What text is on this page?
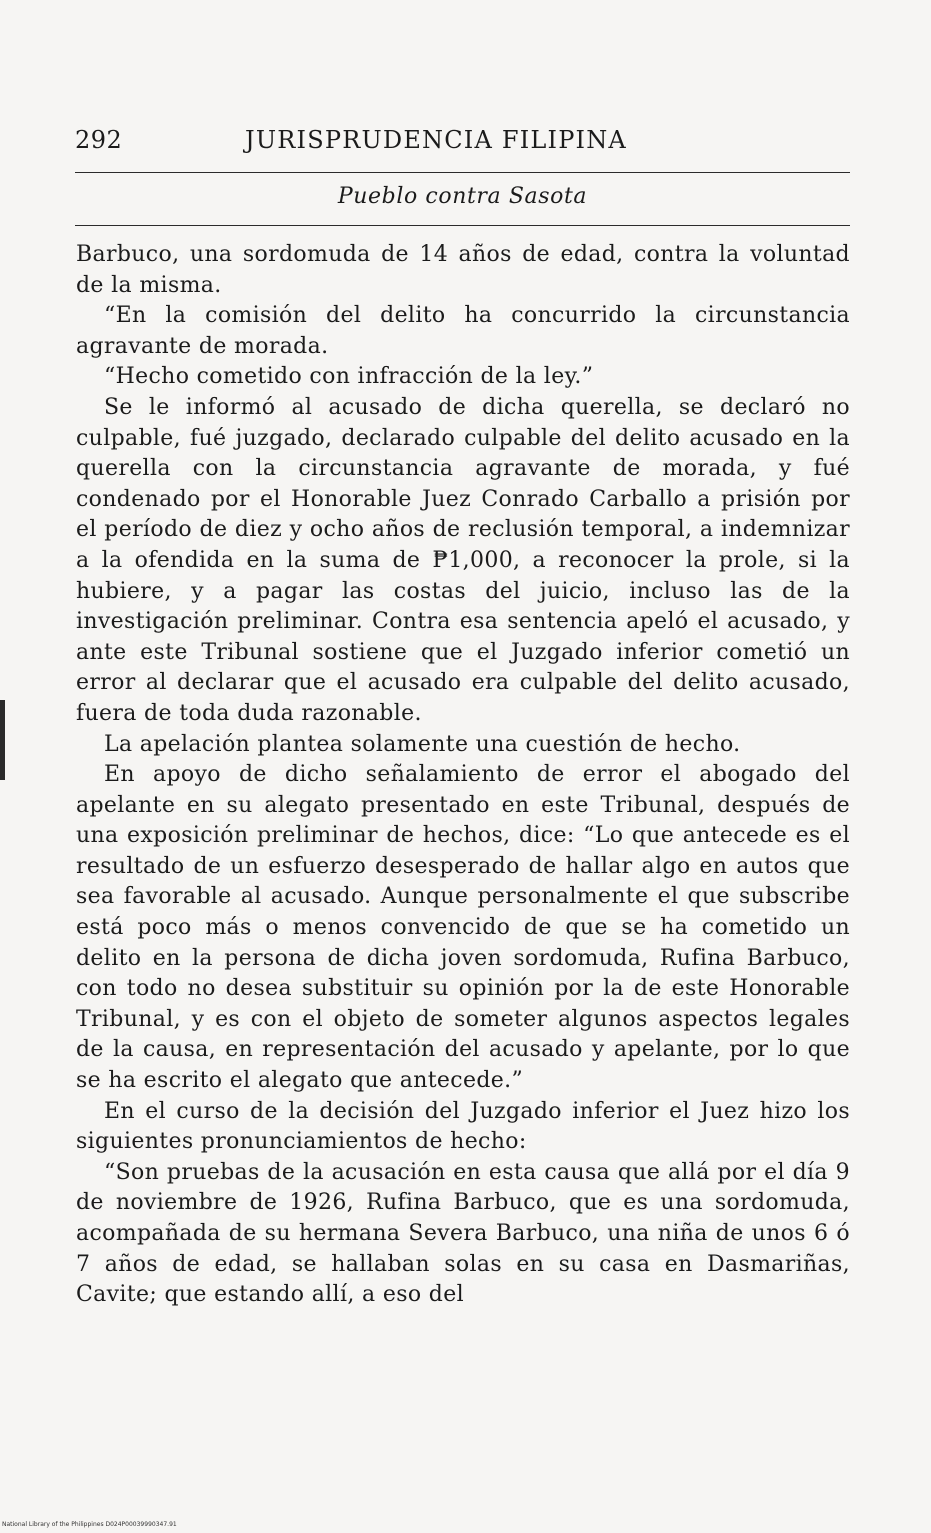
292	JURISPRUDENCIA FILIPINA
Pueblo contra Sasota

Barbuco, una sordomuda de 14 años de edad, contra la voluntad de la misma.

“En la comisión del delito ha concurrido la circunstancia agravante de morada.

“Hecho cometido con infracción de la ley.”

Se le informó al acusado de dicha querella, se declaró no culpable, fué juzgado, declarado culpable del delito acusado en la querella con la circunstancia agravante de morada, y fué condenado por el Honorable Juez Conrado Carballo a prisión por el período de diez y ocho años de reclusión temporal, a indemnizar a la ofendida en la suma de ₱1,000, a reconocer la prole, si la hubiere, y a pagar las costas del juicio, incluso las de la investigación preliminar. Contra esa sentencia apeló el acusado, y ante este Tribunal sostiene que el Juzgado inferior cometió un error al declarar que el acusado era culpable del delito acusado, fuera de toda duda razonable.

La apelación plantea solamente una cuestión de hecho.

En apoyo de dicho señalamiento de error el abogado del apelante en su alegato presentado en este Tribunal, después de una exposición preliminar de hechos, dice: “Lo que antecede es el resultado de un esfuerzo desesperado de hallar algo en autos que sea favorable al acusado. Aunque personalmente el que subscribe está poco más o menos convencido de que se ha cometido un delito en la persona de dicha joven sordomuda, Rufina Barbuco, con todo no desea substituir su opinión por la de este Honorable Tribunal, y es con el objeto de someter algunos aspectos legales de la causa, en representación del acusado y apelante, por lo que se ha escrito el alegato que antecede.”

En el curso de la decisión del Juzgado inferior el Juez hizo los siguientes pronunciamientos de hecho:

“Son pruebas de la acusación en esta causa que allá por el día 9 de noviembre de 1926, Rufina Barbuco, que es una sordomuda, acompañada de su hermana Severa Barbuco, una niña de unos 6 ó 7 años de edad, se hallaban solas en su casa en Dasmariñas, Cavite; que estando allí, a eso del

National Library of the Philippines D024P00039990347.91
